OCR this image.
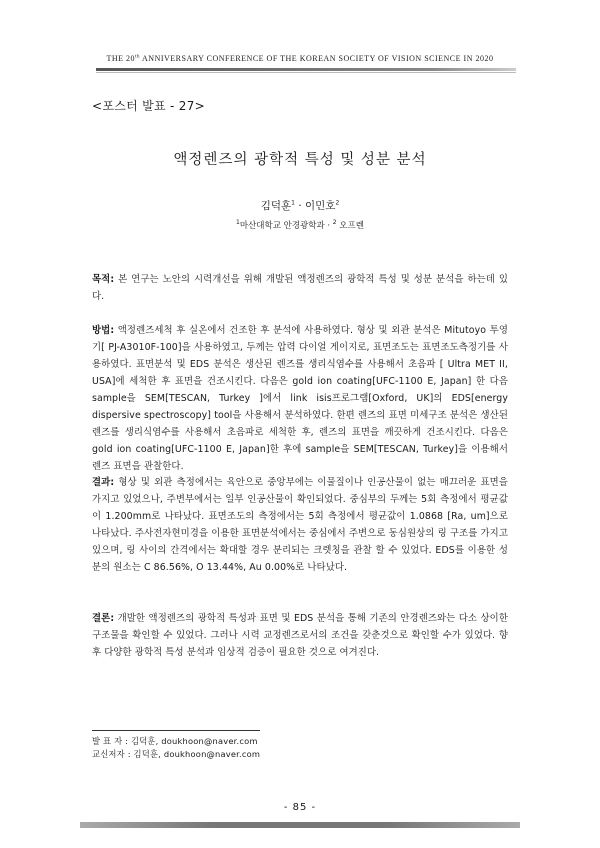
THE 20th ANNIVERSARY CONFERENCE OF THE KOREAN SOCIETY OF VISION SCIENCE IN 2020
<포스터 발표 - 27>
액정렌즈의 광학적 특성 및 성분 분석
김덕훈$^1$ · 이민호$^2$
$^1$마산대학교 안경광학과 · $^2$ 오프렌
목적: 본 연구는 노안의 시력개선을 위해 개발된 액정렌즈의 광학적 특성 및 성분 분석을 하는데 있다.
방법: 액정렌즈세척 후 실온에서 건조한 후 분석에 사용하였다. 형상 및 외관 분석은 Mitutoyo 투영기[ PJ-A3010F-100]을 사용하였고, 두께는 압력 다이얼 게이지로, 표면조도는 표면조도측정기를 사용하였다. 표면분석 및 EDS 분석은 생산된 렌즈를 생리식염수를 사용해서 초음파 [ Ultra MET II, USA]에 세척한 후 표면을 건조시킨다. 다음은 gold ion coating[UFC-1100 E, Japan] 한 다음 sample을 SEM[TESCAN, Turkey ]에서 link isis프로그램[Oxford, UK]의 EDS[energy dispersive spectroscopy] tool을 사용해서 분석하였다. 한편 렌즈의 표면 미세구조 분석은 생산된 렌즈를 생리식염수를 사용해서 초음파로 세척한 후, 렌즈의 표면을 깨끗하게 건조시킨다. 다음은 gold ion coating[UFC-1100 E, Japan]한 후에 sample을 SEM[TESCAN, Turkey]을 이용해서 렌즈 표면을 관찰한다.
결과: 형상 및 외관 측정에서는 육안으로 중앙부에는 이물질이나 인공산물이 없는 매끄러운 표면을 가지고 있었으나, 주변부에서는 일부 인공산물이 확인되었다. 중심부의 두께는 5회 측정에서 평균값이 1.200mm로 나타났다. 표면조도의 측정에서는 5회 측정에서 평균값이 1.0868 [Ra, um]으로 나타났다. 주사전자현미경을 이용한 표면분석에서는 중심에서 주변으로 동심원상의 링 구조를 가지고 있으며, 링 사이의 간격에서는 확대할 경우 분리되는 크렛칭을 관찰 할 수 있었다. EDS를 이용한 성분의 원소는 C 86.56%, O 13.44%, Au 0.00%로 나타났다.
결론: 개발한 액정렌즈의 광학적 특성과 표면 및 EDS 분석을 통해 기존의 안경렌즈와는 다소 상이한 구조물을 확인할 수 있었다. 그러나 시력 교정렌즈로서의 조건을 갖춘것으로 확인할 수가 있었다. 향후 다양한 광학적 특성 분석과 임상적 검증이 필요한 것으로 여겨진다.
발 표 자 : 김덕훈, doukhoon@naver.com
교신저자 : 김덕훈, doukhoon@naver.com
- 85 -
